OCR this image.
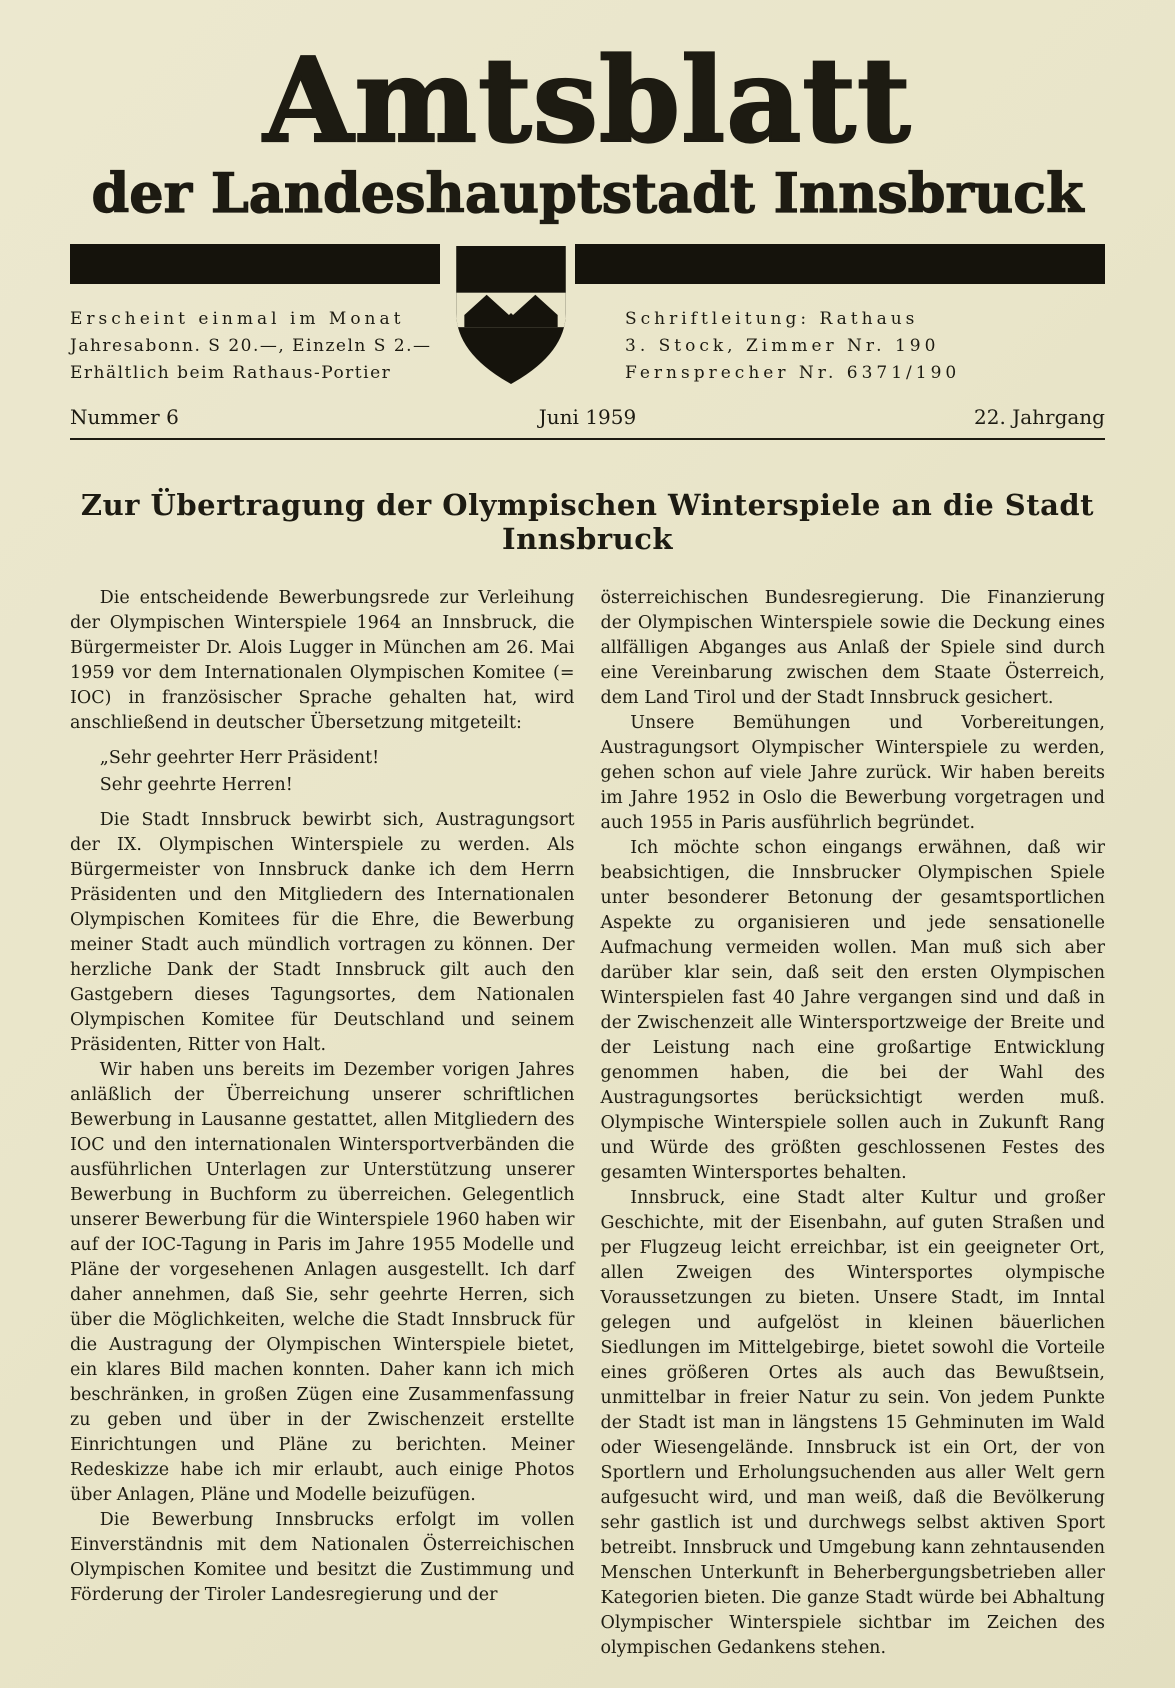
Amtsblatt
der Landeshauptstadt Innsbruck
Erscheint einmal im Monat
Jahresabonn. S 20.—, Einzeln S 2.—
Erhältlich beim Rathaus-Portier
Schriftleitung: Rathaus
3. Stock, Zimmer Nr. 190
Fernsprecher Nr. 6371/190
Nummer 6	Juni 1959	22. Jahrgang
Zur Übertragung der Olympischen Winterspiele an die Stadt Innsbruck

Die entscheidende Bewerbungsrede zur Verleihung der Olympischen Winterspiele 1964 an Innsbruck, die Bürgermeister Dr. Alois Lugger in München am 26. Mai 1959 vor dem Internationalen Olympischen Komitee (= IOC) in französischer Sprache gehalten hat, wird anschließend in deutscher Übersetzung mitgeteilt:

„Sehr geehrter Herr Präsident!

Sehr geehrte Herren!

Die Stadt Innsbruck bewirbt sich, Austragungsort der IX. Olympischen Winterspiele zu werden. Als Bürgermeister von Innsbruck danke ich dem Herrn Präsidenten und den Mitgliedern des Internationalen Olympischen Komitees für die Ehre, die Bewerbung meiner Stadt auch mündlich vortragen zu können. Der herzliche Dank der Stadt Innsbruck gilt auch den Gastgebern dieses Tagungsortes, dem Nationalen Olympischen Komitee für Deutschland und seinem Präsidenten, Ritter von Halt.

Wir haben uns bereits im Dezember vorigen Jahres anläßlich der Überreichung unserer schriftlichen Bewerbung in Lausanne gestattet, allen Mitgliedern des IOC und den internationalen Wintersportverbänden die ausführlichen Unterlagen zur Unterstützung unserer Bewerbung in Buchform zu überreichen. Gelegentlich unserer Bewerbung für die Winterspiele 1960 haben wir auf der IOC-Tagung in Paris im Jahre 1955 Modelle und Pläne der vorgesehenen Anlagen ausgestellt. Ich darf daher annehmen, daß Sie, sehr geehrte Herren, sich über die Möglichkeiten, welche die Stadt Innsbruck für die Austragung der Olympischen Winterspiele bietet, ein klares Bild machen konnten. Daher kann ich mich beschränken, in großen Zügen eine Zusammenfassung zu geben und über in der Zwischenzeit erstellte Einrichtungen und Pläne zu berichten. Meiner Redeskizze habe ich mir erlaubt, auch einige Photos über Anlagen, Pläne und Modelle beizufügen.

Die Bewerbung Innsbrucks erfolgt im vollen Einverständnis mit dem Nationalen Österreichischen Olympischen Komitee und besitzt die Zustimmung und Förderung der Tiroler Landesregierung und der

österreichischen Bundesregierung. Die Finanzierung der Olympischen Winterspiele sowie die Deckung eines allfälligen Abganges aus Anlaß der Spiele sind durch eine Vereinbarung zwischen dem Staate Österreich, dem Land Tirol und der Stadt Innsbruck gesichert.

Unsere Bemühungen und Vorbereitungen, Austragungsort Olympischer Winterspiele zu werden, gehen schon auf viele Jahre zurück. Wir haben bereits im Jahre 1952 in Oslo die Bewerbung vorgetragen und auch 1955 in Paris ausführlich begründet.

Ich möchte schon eingangs erwähnen, daß wir beabsichtigen, die Innsbrucker Olympischen Spiele unter besonderer Betonung der gesamtsportlichen Aspekte zu organisieren und jede sensationelle Aufmachung vermeiden wollen. Man muß sich aber darüber klar sein, daß seit den ersten Olympischen Winterspielen fast 40 Jahre vergangen sind und daß in der Zwischenzeit alle Wintersportzweige der Breite und der Leistung nach eine großartige Entwicklung genommen haben, die bei der Wahl des Austragungsortes berücksichtigt werden muß. Olympische Winterspiele sollen auch in Zukunft Rang und Würde des größten geschlossenen Festes des gesamten Wintersportes behalten.

Innsbruck, eine Stadt alter Kultur und großer Geschichte, mit der Eisenbahn, auf guten Straßen und per Flugzeug leicht erreichbar, ist ein geeigneter Ort, allen Zweigen des Wintersportes olympische Voraussetzungen zu bieten. Unsere Stadt, im Inntal gelegen und aufgelöst in kleinen bäuerlichen Siedlungen im Mittelgebirge, bietet sowohl die Vorteile eines größeren Ortes als auch das Bewußtsein, unmittelbar in freier Natur zu sein. Von jedem Punkte der Stadt ist man in längstens 15 Gehminuten im Wald oder Wiesengelände. Innsbruck ist ein Ort, der von Sportlern und Erholungsuchenden aus aller Welt gern aufgesucht wird, und man weiß, daß die Bevölkerung sehr gastlich ist und durchwegs selbst aktiven Sport betreibt. Innsbruck und Umgebung kann zehntausenden Menschen Unterkunft in Beherbergungsbetrieben aller Kategorien bieten. Die ganze Stadt würde bei Abhaltung Olympischer Winterspiele sichtbar im Zeichen des olympischen Gedankens stehen.
